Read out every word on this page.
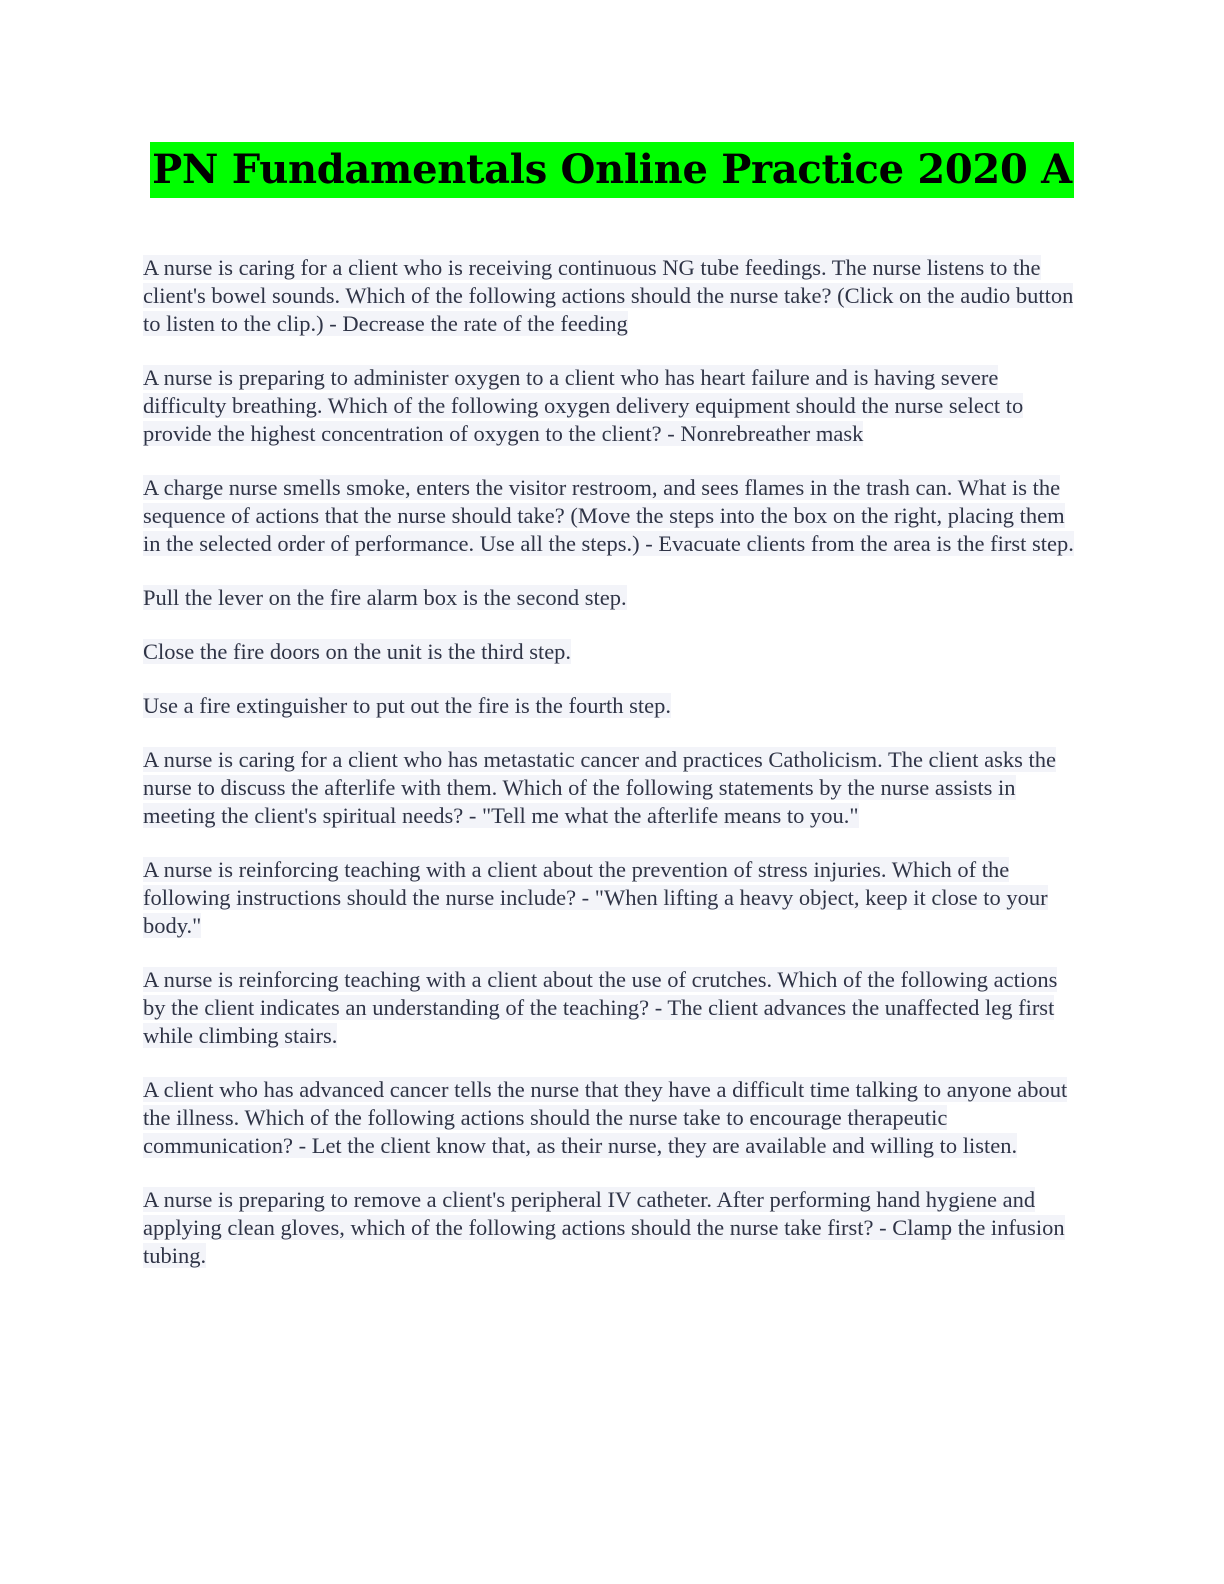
PN Fundamentals Online Practice 2020 A

A nurse is caring for a client who is receiving continuous NG tube feedings. The nurse listens to the client's bowel sounds. Which of the following actions should the nurse take? (Click on the audio button to listen to the clip.) - Decrease the rate of the feeding

A nurse is preparing to administer oxygen to a client who has heart failure and is having severe difficulty breathing. Which of the following oxygen delivery equipment should the nurse select to provide the highest concentration of oxygen to the client? - Nonrebreather mask

A charge nurse smells smoke, enters the visitor restroom, and sees flames in the trash can. What is the sequence of actions that the nurse should take? (Move the steps into the box on the right, placing them in the selected order of performance. Use all the steps.) - Evacuate clients from the area is the first step.

Pull the lever on the fire alarm box is the second step.

Close the fire doors on the unit is the third step.

Use a fire extinguisher to put out the fire is the fourth step.

A nurse is caring for a client who has metastatic cancer and practices Catholicism. The client asks the nurse to discuss the afterlife with them. Which of the following statements by the nurse assists in meeting the client's spiritual needs? - "Tell me what the afterlife means to you."

A nurse is reinforcing teaching with a client about the prevention of stress injuries. Which of the following instructions should the nurse include? - "When lifting a heavy object, keep it close to your body."

A nurse is reinforcing teaching with a client about the use of crutches. Which of the following actions by the client indicates an understanding of the teaching? - The client advances the unaffected leg first while climbing stairs.

A client who has advanced cancer tells the nurse that they have a difficult time talking to anyone about the illness. Which of the following actions should the nurse take to encourage therapeutic communication? - Let the client know that, as their nurse, they are available and willing to listen.

A nurse is preparing to remove a client's peripheral IV catheter. After performing hand hygiene and applying clean gloves, which of the following actions should the nurse take first? - Clamp the infusion tubing.
